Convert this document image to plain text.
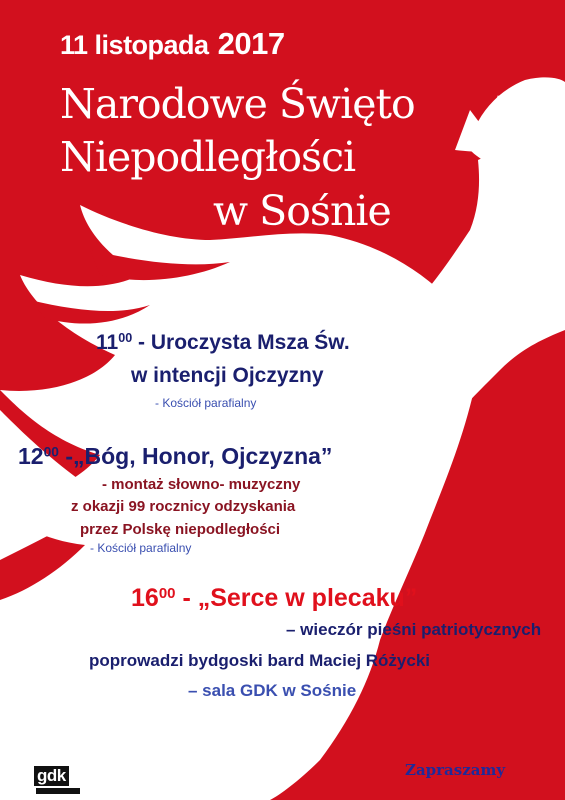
11 listopada 2017
Narodowe Święto
Niepodległości
w Sośnie
$11^{00}$ - Uroczysta Msza Św.
w intencji Ojczyzny
- Kościół parafialny
$12^{00}$ -„Bóg, Honor, Ojczyzna”
- montaż słowno- muzyczny
z okazji 99 rocznicy odzyskania
przez Polskę niepodległości
- Kościół parafialny
$16^{00}$ - „Serce w plecaku”
– wieczór pieśni patriotycznych
poprowadzi bydgoski bard Maciej Różycki
– sala GDK w Sośnie
gdk	Zapraszamy
